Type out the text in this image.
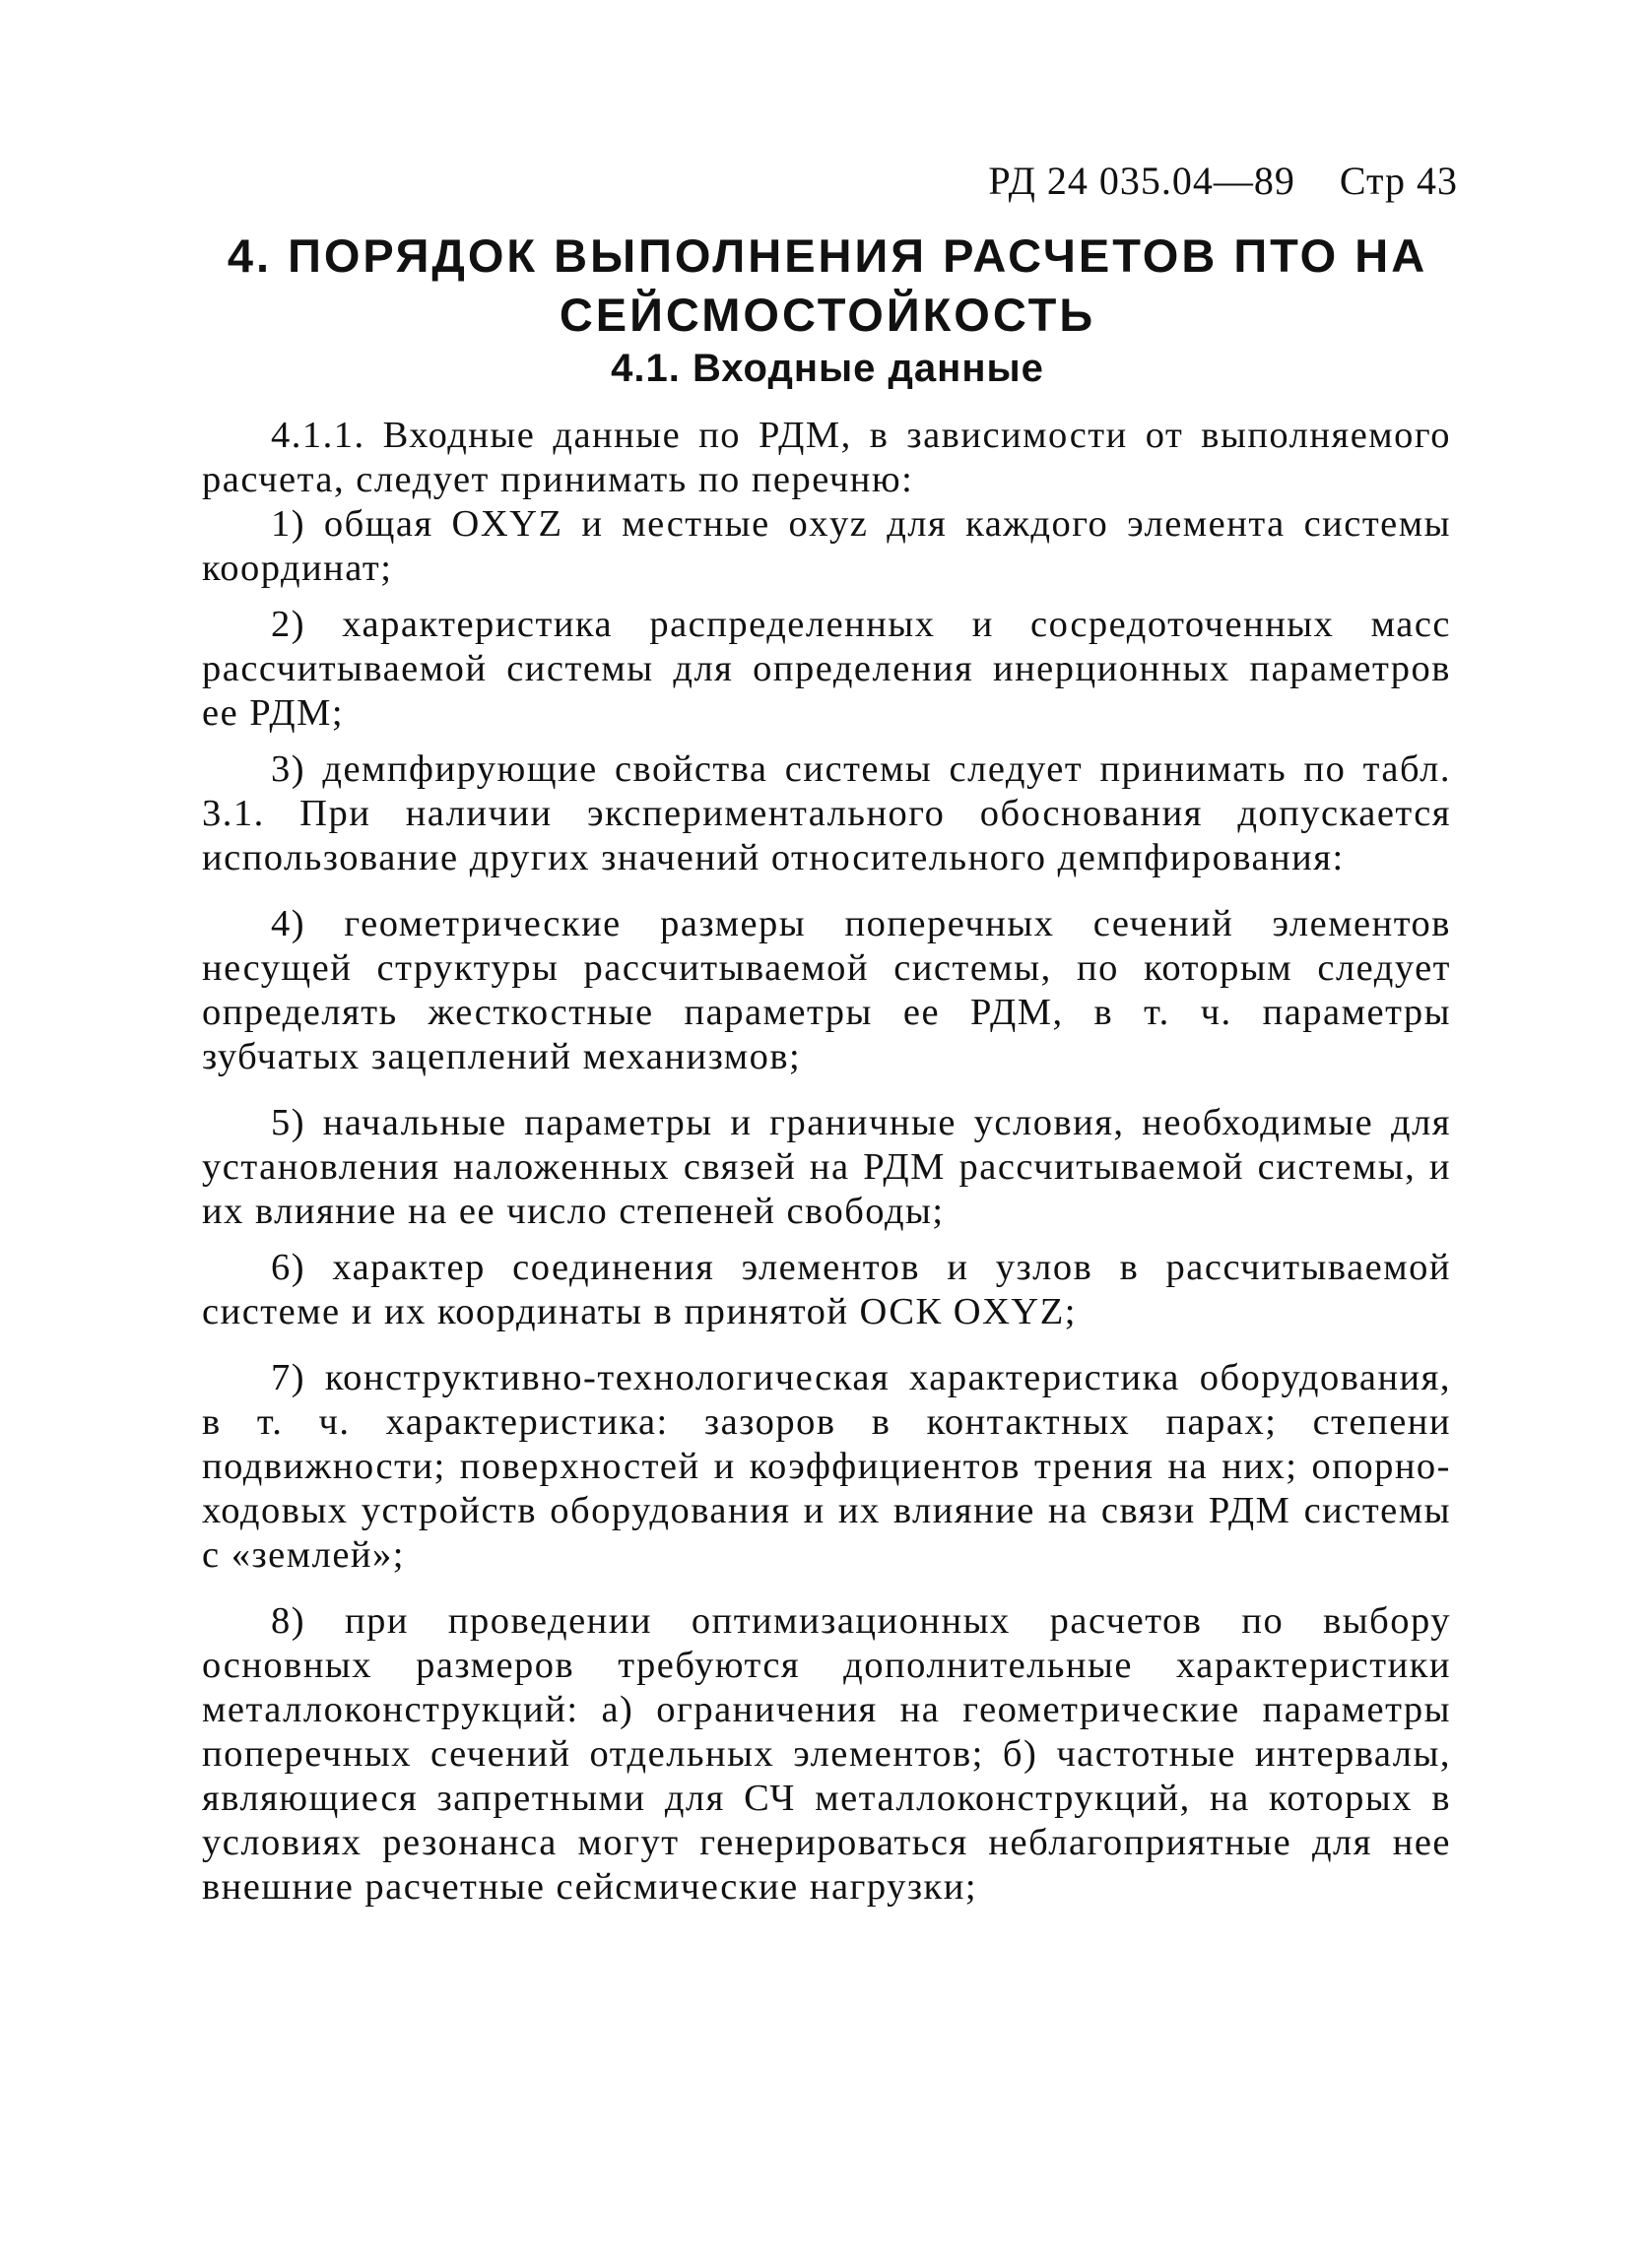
РД 24 035.04—89 Стр 43
4. ПОРЯДОК ВЫПОЛНЕНИЯ РАСЧЕТОВ ПТО НА СЕЙСМОСТОЙКОСТЬ
4.1. Входные данные

4.1.1. Входные данные по РДМ, в зависимости от выполняемого расчета, следует принимать по перечню:

1) общая OXYZ и местные oxyz для каждого элемента системы координат;

2) характеристика распределенных и сосредоточенных масс рассчитываемой системы для определения инерционных параметров ее РДМ;

3) демпфирующие свойства системы следует принимать по табл. 3.1. При наличии экспериментального обоснования допускается использование других значений относительного демпфирования:

4) геометрические размеры поперечных сечений элементов несущей структуры рассчитываемой системы, по которым следует определять жесткостные параметры ее РДМ, в т. ч. параметры зубчатых зацеплений механизмов;

5) начальные параметры и граничные условия, необходимые для установления наложенных связей на РДМ рассчитываемой системы, и их влияние на ее число степеней свободы;

6) характер соединения элементов и узлов в рассчитываемой системе и их координаты в принятой ОСК OXYZ;

7) конструктивно-технологическая характеристика оборудования, в т. ч. характеристика: зазоров в контактных парах; степени подвижности; поверхностей и коэффициентов трения на них; опорно-ходовых устройств оборудования и их влияние на связи РДМ системы с «землей»;

8) при проведении оптимизационных расчетов по выбору основных размеров требуются дополнительные характеристики металлоконструкций: а) ограничения на геометрические параметры поперечных сечений отдельных элементов; б) частотные интервалы, являющиеся запретными для СЧ металлоконструкций, на которых в условиях резонанса могут генерироваться неблагоприятные для нее внешние расчетные сейсмические нагрузки;
